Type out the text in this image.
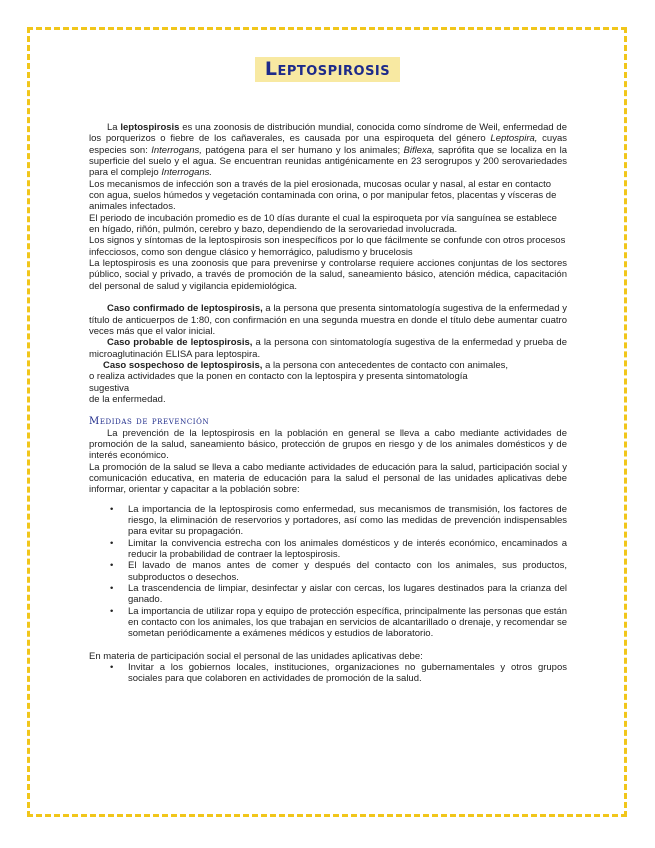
Leptospirosis

La leptospirosis es una zoonosis de distribución mundial, conocida como síndrome de Weil, enfermedad de los porquerizos o fiebre de los cañaverales, es causada por una espiroqueta del género Leptospira, cuyas especies son: Interrogans, patógena para el ser humano y los animales; Biflexa, saprófita que se localiza en la superficie del suelo y el agua. Se encuentran reunidas antigénicamente en 23 serogrupos y 200 serovariedades para el complejo Interrogans.

Los mecanismos de infección son a través de la piel erosionada, mucosas ocular y nasal, al estar en contacto con agua, suelos húmedos y vegetación contaminada con orina, o por manipular fetos, placentas y vísceras de animales infectados.

El periodo de incubación promedio es de 10 días durante el cual la espiroqueta por vía sanguínea se establece en hígado, riñón, pulmón, cerebro y bazo, dependiendo de la serovariedad involucrada.

Los signos y síntomas de la leptospirosis son inespecíficos por lo que fácilmente se confunde con otros procesos infecciosos, como son dengue clásico y hemorrágico, paludismo y brucelosis

La leptospirosis es una zoonosis que para prevenirse y controlarse requiere acciones conjuntas de los sectores público, social y privado, a través de promoción de la salud, saneamiento básico, atención médica, capacitación del personal de salud y vigilancia epidemiológica.

Caso confirmado de leptospirosis, a la persona que presenta sintomatología sugestiva de la enfermedad y título de anticuerpos de 1:80, con confirmación en una segunda muestra en donde el título debe aumentar cuatro veces más que el valor inicial.

Caso probable de leptospirosis, a la persona con sintomatología sugestiva de la enfermedad y prueba de microaglutinación ELISA para leptospira.

Caso sospechoso de leptospirosis, a la persona con antecedentes de contacto con animales,

o realiza actividades que la ponen en contacto con la leptospira y presenta sintomatología

sugestiva

de la enfermedad.

Medidas de prevención

La prevención de la leptospirosis en la población en general se lleva a cabo mediante actividades de promoción de la salud, saneamiento básico, protección de grupos en riesgo y de los animales domésticos y de interés económico.

La promoción de la salud se lleva a cabo mediante actividades de educación para la salud, participación social y comunicación educativa, en materia de educación para la salud el personal de las unidades aplicativas debe informar, orientar y capacitar a la población sobre:

• La importancia de la leptospirosis como enfermedad, sus mecanismos de transmisión, los factores de riesgo, la eliminación de reservorios y portadores, así como las medidas de prevención indispensables para evitar su propagación.
• Limitar la convivencia estrecha con los animales domésticos y de interés económico, encaminados a reducir la probabilidad de contraer la leptospirosis.
• El lavado de manos antes de comer y después del contacto con los animales, sus productos, subproductos o desechos.
• La trascendencia de limpiar, desinfectar y aislar con cercas, los lugares destinados para la crianza del ganado.
• La importancia de utilizar ropa y equipo de protección específica, principalmente las personas que están en contacto con los animales, los que trabajan en servicios de alcantarillado o drenaje, y recomendar se sometan periódicamente a exámenes médicos y estudios de laboratorio.

En materia de participación social el personal de las unidades aplicativas debe:

• Invitar a los gobiernos locales, instituciones, organizaciones no gubernamentales y otros grupos sociales para que colaboren en actividades de promoción de la salud.
